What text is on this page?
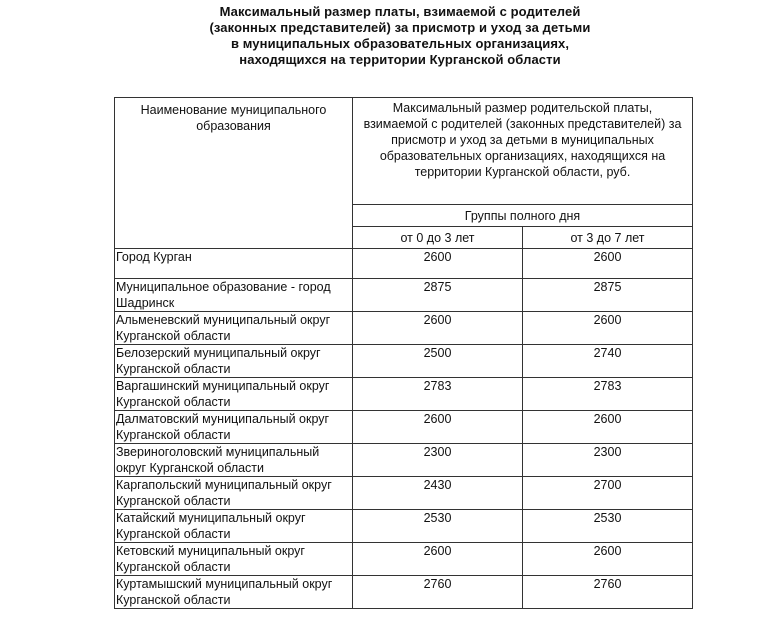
Максимальный размер платы, взимаемой с родителей
(законных представителей) за присмотр и уход за детьми
в муниципальных образовательных организациях,
находящихся на территории Курганской области
Наименование муниципального образования	Максимальный размер родительской платы, взимаемой с родителей (законных представителей) за присмотр и уход за детьми в муниципальных образовательных организациях, находящихся на территории Курганской области, руб.	
	Группы полного дня	
	от 0 до 3 лет	от 3 до 7 лет
Город Курган	2600	2600
Муниципальное образование - город Шадринск	2875	2875
Альменевский муниципальный округ Курганской области	2600	2600
Белозерский муниципальный округ Курганской области	2500	2740
Варгашинский муниципальный округ Курганской области	2783	2783
Далматовский муниципальный округ Курганской области	2600	2600
Звериноголовский муниципальный округ Курганской области	2300	2300
Каргапольский муниципальный округ Курганской области	2430	2700
Катайский муниципальный округ Курганской области	2530	2530
Кетовский муниципальный округ Курганской области	2600	2600
Куртамышский муниципальный округ Курганской области	2760	2760
